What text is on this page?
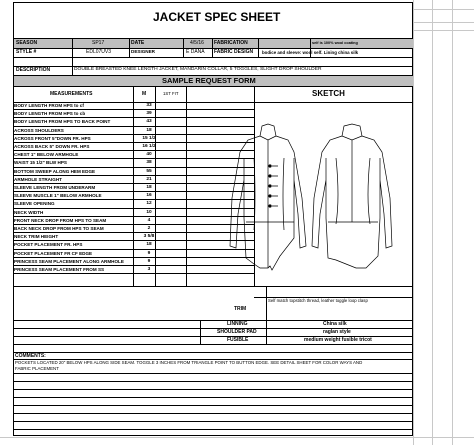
JACKET SPEC SHEET
SEASON	SP17	DATE	4/5/16 FABRICATION	self is 100% wool coating
STYLE #	EDL07UV3	DESIGNER	E DANA FABRIC DESIGN bodice and sleeve: wool self. Lining china silk
DESCRIPTION	DOUBLE BREASTED KNEE LENGTH JACKET, MANDARIN COLLAR, 5 TOGGLES, SLIGHT DROP SHOULDER
SAMPLE REQUEST FORM
MEASUREMENTS	M	1ST FIT
BODY LENGTH FROM HPS to cf	33
BODY LENGTH FROM HPS to cb	39
BODY LENGTH FROM HPS TO BACK POINT	43
ACROSS SHOULDERS	18
ACROSS FRONT 5"DOWN FR. HPS	15 1/2
ACROSS BACK 5" DOWN FR. HPS	16 1/2
CHEST 1" BELOW ARMHOLE	40
WAIST 15 1/2" BLW HPS	38
BOTTOM SWEEP ALONG HEM EDGE	55
ARMHOLE STRAIGHT	21
SLEEVE LENGTH FROM UNDERARM	18
SLEEVE MUSCLE 1" BELOW ARMHOLE	16
SLEEVE OPENING	12
NECK WIDTH	10
FRONT NECK DROP FROM HPS TO SEAM	4
BACK NECK DROP FROM HPS TO SEAM	2
NECK TRIM HEIGHT	3 5/8
POCKET PLACEMENT FR. HPS	18
POCKET PLACEMENT FR CF EDGE	9
PRINCESS SEAM PLACEMENT ALONG ARMHOLE	9
PRINCESS SEAM PLACEMENT FROM SS	3
SKETCH
TRIM
Self match topstitch thread, leather toggle loop clasp
LINNING	China silk
SHOULDER PAD	raglan style
FUSIBLE	medium weight fusible tricot
COMMENTS:
POCKETS LOCATED 20" BELOW HPS ALONG SIDE SEAM. TOGGLE 3 INCHES FROM TRIANGLE POINT TO BUTTON EDGE. SEE DETAIL SHEET FOR COLOR WAYS AND
FABRIC PLACEMENT
